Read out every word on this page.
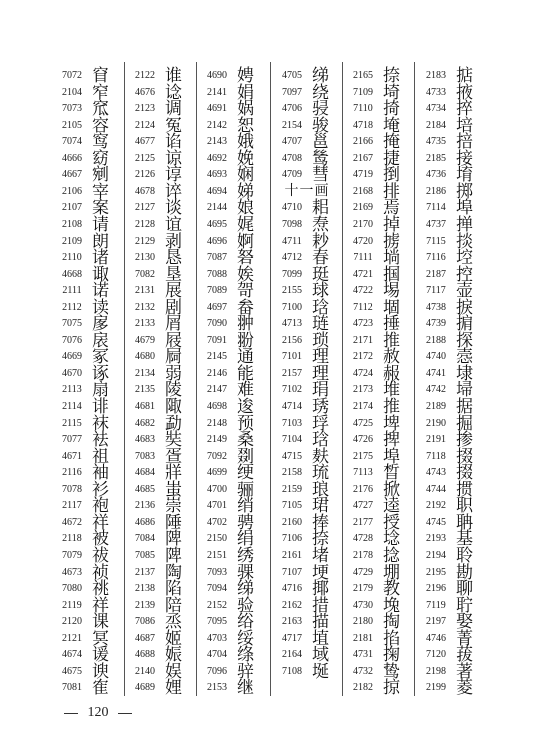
7072 窅
2104 窄
7073 窊
2105 容
7074 窎
4666 窈
4667 剜
2106 宰
2107 案
2108 请
2109 朗
2110 诸
4668 诹
2111 诺
2112 读
7075 扅
7076 扆
4669 冢
4670 诼
2113 扇
2114 诽
2115 袜
7077 袪
4671 祖
2116 袖
7078 衫
2117 袍
4672 祥
2118 被
7079 祓
4673 祯
7080 祧
2119 祥
2120 课
2121 冥
4674 谖
4675 谀
7081 隺
2122 谁
4676 谂
2123 调
2124 冤
4677 谄
2125 谅
2126 谆
4678 谇
2127 谈
2128 谊
2129 剥
2130 恳
7082 垦
2131 展
2132 剧
2133 屑
4679 屐
4680 屙
2134 弱
2135 陵
4681 陬
4682 勐
4683 奘
7083 疍
4684 牂
4685 蚩
2136 崇
4686 陲
7084 陴
7085 陴
2137 陶
2138 陷
2139 陪
7086 烝
4687 姬
4688 娠
2140 娱
4689 娌
4690 娉
2141 娟
4691 娲
2142 恕
2143 娥
4692 娩
4693 娴
4694 娣
2144 娘
4695 娓
4696 婀
7087 砮
7088 娭
7089 哿
4697 畚
7090 翀
7091 翂
2145 通
2146 能
2147 难
4698 逡
2148 预
2149 桑
7092 剟
4699 绠
4700 骊
4701 绡
4702 骋
2150 绢
2151 绣
7093 骒
7094 绨
2152 验
7095 绤
4703 绥
4704 绦
7096 骍
2153 继
4705 绨
7097 绕
4706 骎
2154 骏
4707 邕
4708 鸶
4709 彗
十一画
4710 耜
7098 焘
4711 耖
4712 春
7099 珽
2155 球
7100 琀
4713 琏
2156 琐
7101 理
2157 理
7102 琄
4714 琇
7103 琈
7104 琀
4715 麸
2158 琉
2159 琅
7105 珺
2160 捧
7106 捺
2161 堵
7107 埂
4716 揶
2162 措
2163 描
4717 埴
2164 域
7108 埏
2165 捺
7109 埼
7110 掎
4718 埯
2166 掩
2167 捷
4719 捯
2168 排
2169 焉
2170 掉
4720 掳
7111 埫
4721 掴
4722 埸
7112 堌
4723 捶
2171 推
2172 赦
4724 赧
2173 堆
2174 推
4725 埤
4726 捭
2175 埠
7113 晳
2176 掀
4727 逵
2177 授
4728 埝
2178 捻
4729 堋
2179 教
4730 堍
2180 掏
2181 掐
4731 掬
4732 鸷
2182 掠
2183 掂
4733 掖
4734 捽
2184 培
4735 掊
2185 接
4736 堉
2186 掷
7114 埠
4737 掸
7115 掞
7116 埪
2187 控
7117 壶
4738 捩
4739 掮
2188 探
4740 悫
4741 埭
4742 埽
2189 据
2190 掘
2191 掺
7118 掇
4743 掇
4744 掼
2192 职
4745 聃
2193 基
2194 聆
2195 勘
2196 聊
7119 聍
2197 娶
4746 菁
7120 菝
2198 著
2199 菱
120
